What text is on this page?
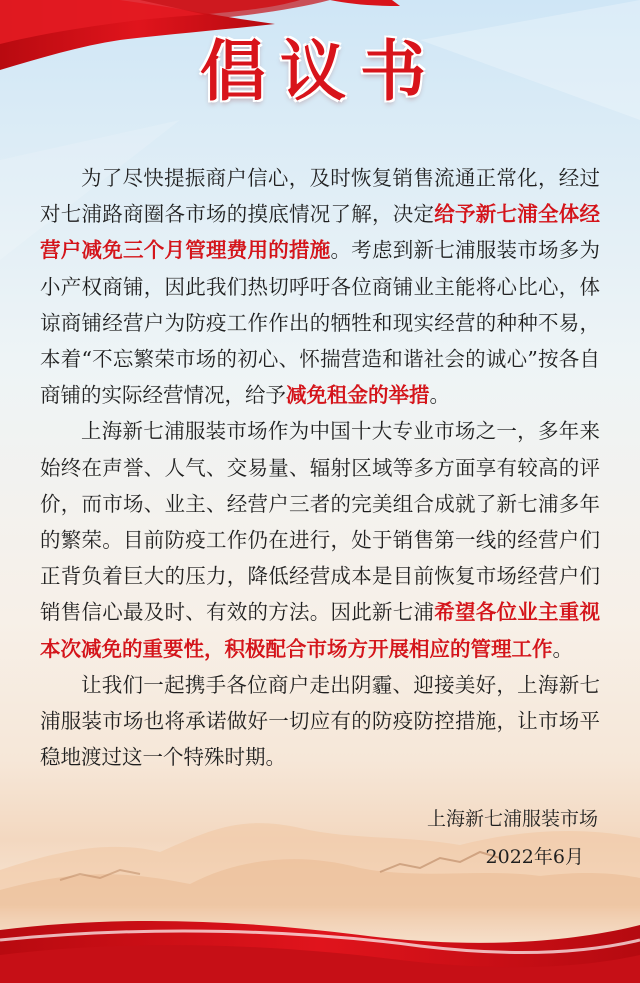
倡议书

为了尽快提振商户信心，及时恢复销售流通正常化，经过对七浦路商圈各市场的摸底情况了解，决定给予新七浦全体经营户减免三个月管理费用的措施。考虑到新七浦服装市场多为小产权商铺，因此我们热切呼吁各位商铺业主能将心比心，体谅商铺经营户为防疫工作作出的牺牲和现实经营的种种不易，本着“不忘繁荣市场的初心、怀揣营造和谐社会的诚心”按各自商铺的实际经营情况，给予减免租金的举措。

上海新七浦服装市场作为中国十大专业市场之一，多年来始终在声誉、人气、交易量、辐射区域等多方面享有较高的评价，而市场、业主、经营户三者的完美组合成就了新七浦多年的繁荣。目前防疫工作仍在进行，处于销售第一线的经营户们正背负着巨大的压力，降低经营成本是目前恢复市场经营户们销售信心最及时、有效的方法。因此新七浦希望各位业主重视本次减免的重要性，积极配合市场方开展相应的管理工作。

让我们一起携手各位商户走出阴霾、迎接美好，上海新七浦服装市场也将承诺做好一切应有的防疫防控措施，让市场平稳地渡过这一个特殊时期。

上海新七浦服装市场
2022年6月
